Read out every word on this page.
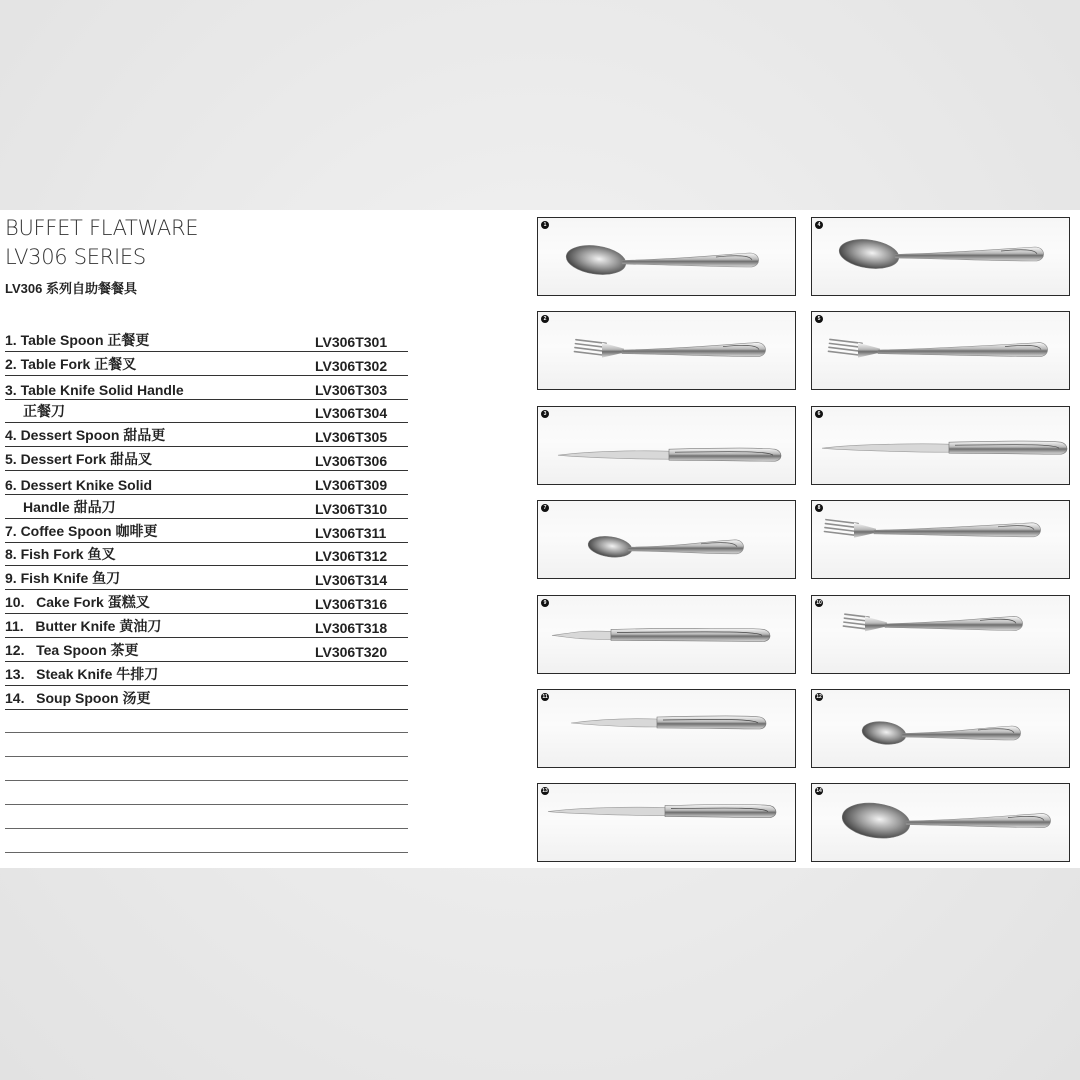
BUFFET FLATWARE
LV306 SERIES
LV306 系列自助餐餐具
1. Table Spoon 正餐更	LV306T301
2. Table Fork 正餐叉	LV306T302
3. Table Knife Solid Handle	LV306T303
正餐刀	LV306T304
4. Dessert Spoon 甜品更	LV306T305
5. Dessert Fork 甜品叉	LV306T306
6. Dessert Knike Solid	LV306T309
Handle 甜品刀	LV306T310
7. Coffee Spoon 咖啡更	LV306T311
8. Fish Fork 鱼叉	LV306T312
9. Fish Knife 鱼刀	LV306T314
10.   Cake Fork 蛋糕叉	LV306T316
11.   Butter Knife 黄油刀	LV306T318
12.   Tea Spoon 茶更	LV306T320
13.   Steak Knife 牛排刀
14.   Soup Spoon 汤更
1	4
2	5
3	6
7	8
9	10
11	12
13	14
